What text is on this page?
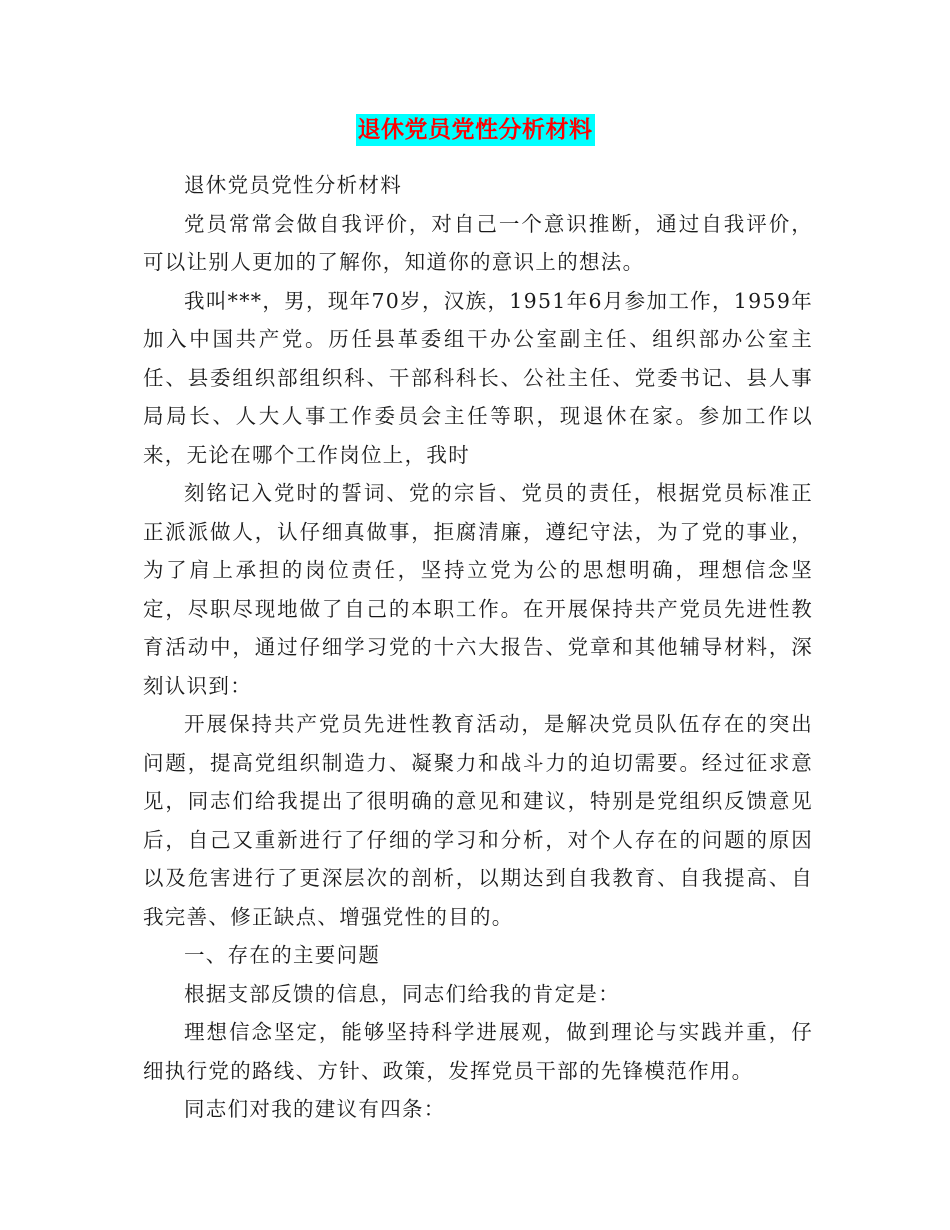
退休党员党性分析材料

退休党员党性分析材料

党员常常会做自我评价，对自己一个意识推断，通过自我评价，可以让别人更加的了解你，知道你的意识上的想法。

我叫***，男，现年70岁，汉族，1951年6月参加工作，1959年加入中国共产党。历任县革委组干办公室副主任、组织部办公室主任、县委组织部组织科、干部科科长、公社主任、党委书记、县人事局局长、人大人事工作委员会主任等职，现退休在家。参加工作以来，无论在哪个工作岗位上，我时

刻铭记入党时的誓词、党的宗旨、党员的责任，根据党员标准正正派派做人，认仔细真做事，拒腐清廉，遵纪守法，为了党的事业，为了肩上承担的岗位责任，坚持立党为公的思想明确，理想信念坚定，尽职尽现地做了自己的本职工作。在开展保持共产党员先进性教育活动中，通过仔细学习党的十六大报告、党章和其他辅导材料，深刻认识到：

开展保持共产党员先进性教育活动，是解决党员队伍存在的突出问题，提高党组织制造力、凝聚力和战斗力的迫切需要。经过征求意见，同志们给我提出了很明确的意见和建议，特别是党组织反馈意见后，自己又重新进行了仔细的学习和分析，对个人存在的问题的原因以及危害进行了更深层次的剖析，以期达到自我教育、自我提高、自我完善、修正缺点、增强党性的目的。

一、存在的主要问题

根据支部反馈的信息，同志们给我的肯定是：

理想信念坚定，能够坚持科学进展观，做到理论与实践并重，仔细执行党的路线、方针、政策，发挥党员干部的先锋模范作用。

同志们对我的建议有四条：
